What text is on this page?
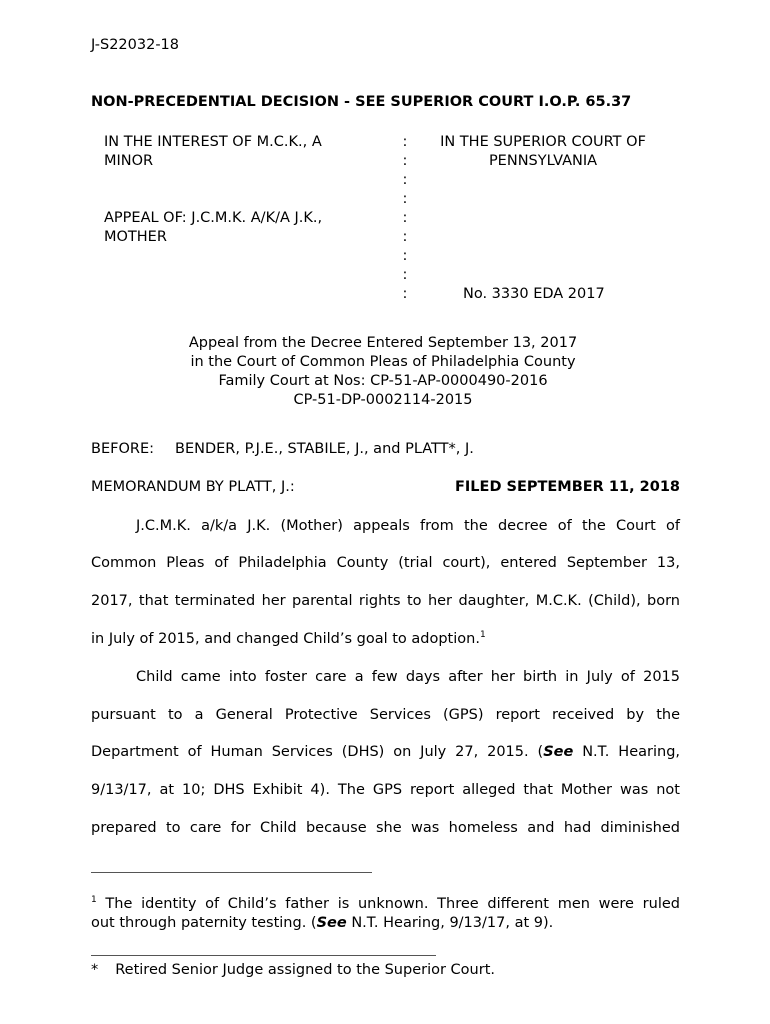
J-S22032-18
NON-PRECEDENTIAL DECISION - SEE SUPERIOR COURT I.O.P. 65.37
IN THE INTEREST OF M.C.K., A
MINOR
APPEAL OF: J.C.M.K. A/K/A J.K.,
MOTHER
:
:
:
:
:
:
:
:
:
IN THE SUPERIOR COURT OF
PENNSYLVANIA
No. 3330 EDA 2017
Appeal from the Decree Entered September 13, 2017
in the Court of Common Pleas of Philadelphia County
Family Court at Nos: CP-51-AP-0000490-2016
CP-51-DP-0002114-2015
BEFORE: BENDER, P.J.E., STABILE, J., and PLATT*, J.
MEMORANDUM BY PLATT, J.:	FILED SEPTEMBER 11, 2018
J.C.M.K. a/k/a J.K. (Mother) appeals from the decree of the Court of
Common Pleas of Philadelphia County (trial court), entered September 13,
2017, that terminated her parental rights to her daughter, M.C.K. (Child), born
in July of 2015, and changed Child’s goal to adoption.$^1$
Child came into foster care a few days after her birth in July of 2015
pursuant to a General Protective Services (GPS) report received by the
Department of Human Services (DHS) on July 27, 2015. (See N.T. Hearing,
9/13/17, at 10; DHS Exhibit 4). The GPS report alleged that Mother was not
prepared to care for Child because she was homeless and had diminished
$^1$ The identity of Child’s father is unknown. Three different men were ruled
out through paternity testing. (See N.T. Hearing, 9/13/17, at 9).
* Retired Senior Judge assigned to the Superior Court.
